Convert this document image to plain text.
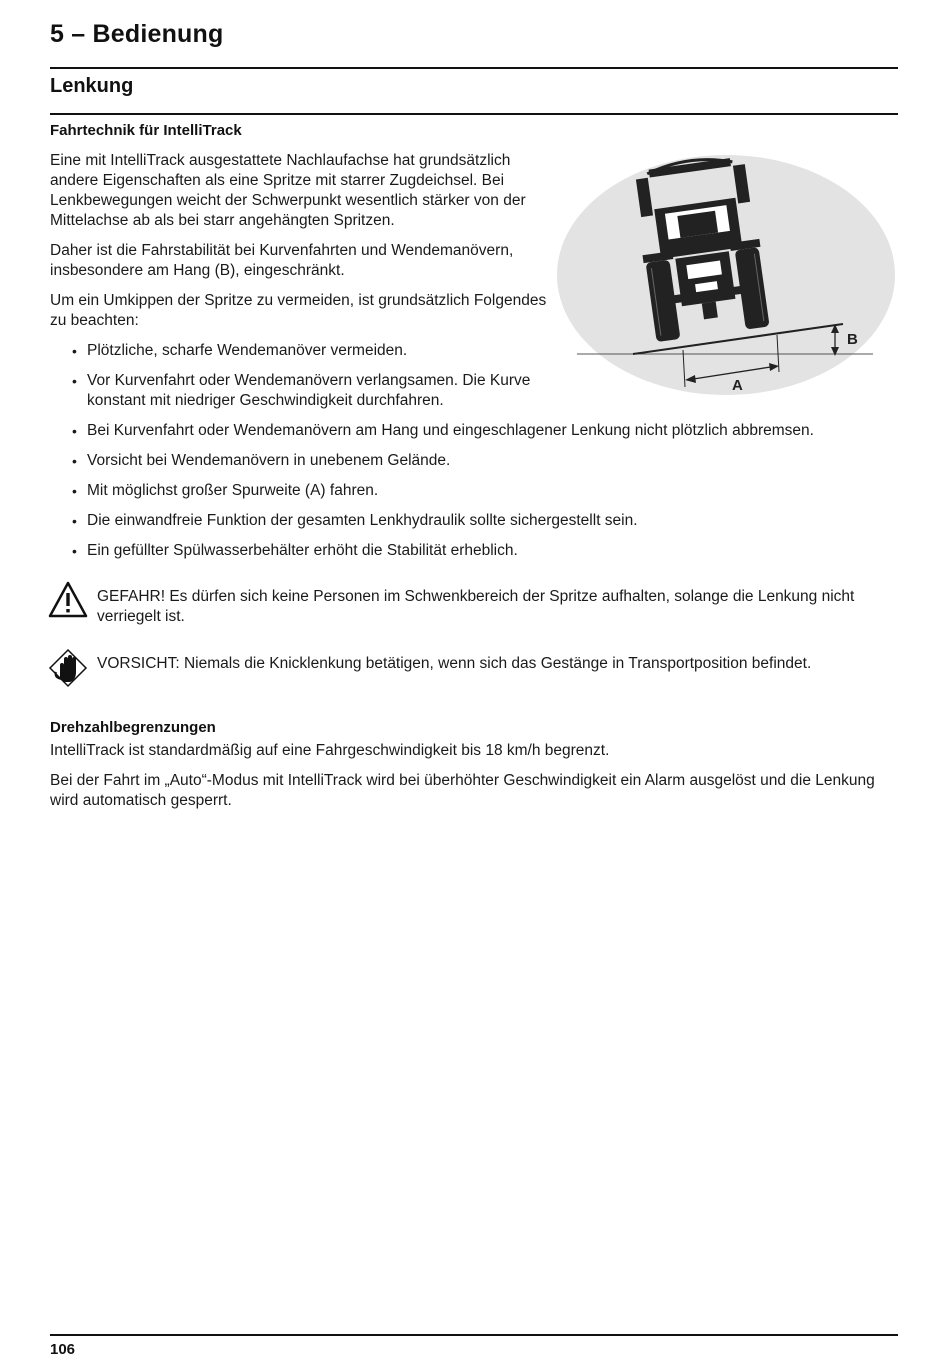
5 – Bedienung
Lenkung
Fahrtechnik für IntelliTrack

Eine mit IntelliTrack ausgestattete Nachlaufachse hat grundsätzlich andere Eigenschaften als eine Spritze mit starrer Zugdeichsel. Bei Lenkbewegungen weicht der Schwerpunkt wesentlich stärker von der Mittelachse ab als bei starr angehängten Spritzen.

Daher ist die Fahrstabilität bei Kurvenfahrten und Wendemanövern, insbesondere am Hang (B), eingeschränkt.

Um ein Umkippen der Spritze zu vermeiden, ist grundsätzlich Folgendes zu beachten:

• Plötzliche, scharfe Wendemanöver vermeiden.

• Vor Kurvenfahrt oder Wendemanövern verlangsamen. Die Kurve konstant mit niedriger Geschwindigkeit durchfahren.

• Bei Kurvenfahrt oder Wendemanövern am Hang und eingeschlagener Lenkung nicht plötzlich abbremsen.

• Vorsicht bei Wendemanövern in unebenem Gelände.

• Mit möglichst großer Spurweite (A) fahren.

• Die einwandfreie Funktion der gesamten Lenkhydraulik sollte sichergestellt sein.

• Ein gefüllter Spülwasserbehälter erhöht die Stabilität erheblich.

A
B

GEFAHR! Es dürfen sich keine Personen im Schwenkbereich der Spritze aufhalten, solange die Lenkung nicht verriegelt ist.

VORSICHT: Niemals die Knicklenkung betätigen, wenn sich das Gestänge in Transportposition befindet.

Drehzahlbegrenzungen

IntelliTrack ist standardmäßig auf eine Fahrgeschwindigkeit bis 18 km/h begrenzt.

Bei der Fahrt im „Auto“-Modus mit IntelliTrack wird bei überhöhter Geschwindigkeit ein Alarm ausgelöst und die Lenkung wird automatisch gesperrt.

106
